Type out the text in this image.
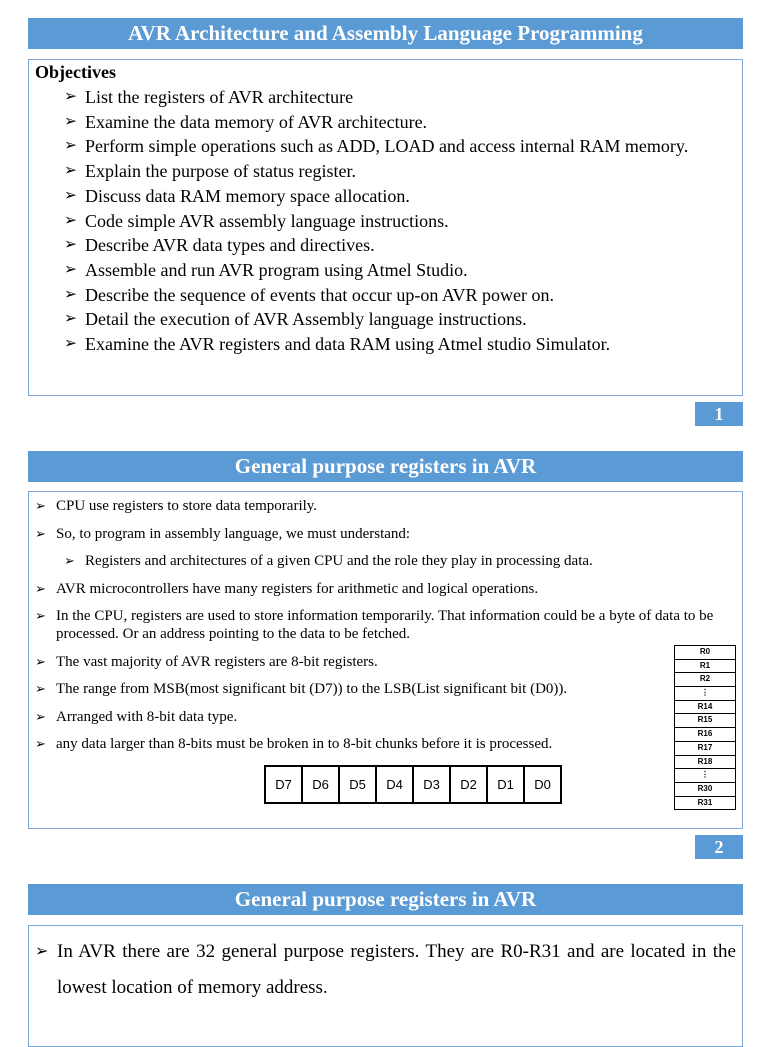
AVR Architecture and Assembly Language Programming
Objectives
➢ List the registers of AVR architecture
➢ Examine the data memory of AVR architecture.
➢ Perform simple operations such as ADD, LOAD and access internal RAM memory.
➢ Explain the purpose of status register.
➢ Discuss data RAM memory space allocation.
➢ Code simple AVR assembly language instructions.
➢ Describe AVR data types and directives.
➢ Assemble and run AVR program using Atmel Studio.
➢ Describe the sequence of events that occur up-on AVR power on.
➢ Detail the execution of AVR Assembly language instructions.
➢ Examine the AVR registers and data RAM using Atmel studio Simulator.
1
General purpose registers in AVR
➢ CPU use registers to store data temporarily.
➢ So, to program in assembly language, we must understand:
➢ Registers and architectures of a given CPU and the role they play in processing data.
➢ AVR microcontrollers have many registers for arithmetic and logical operations.
➢ In the CPU, registers are used to store information temporarily. That information could be a byte of data to be processed. Or an address pointing to the data to be fetched.
➢ The vast majority of AVR registers are 8-bit registers.
➢ The range from MSB(most significant bit (D7)) to the LSB(List significant bit (D0)).
➢ Arranged with 8-bit data type.
➢ any data larger than 8-bits must be broken in to 8-bit chunks before it is processed.
D7	D6	D5	D4	D3	D2	D1	D0
R0
R1
R2
⋮
R14
R15
R16
R17
R18
⋮
R30
R31
2
General purpose registers in AVR
➢ In AVR there are 32 general purpose registers. They are R0-R31 and are located in the lowest location of memory address.
